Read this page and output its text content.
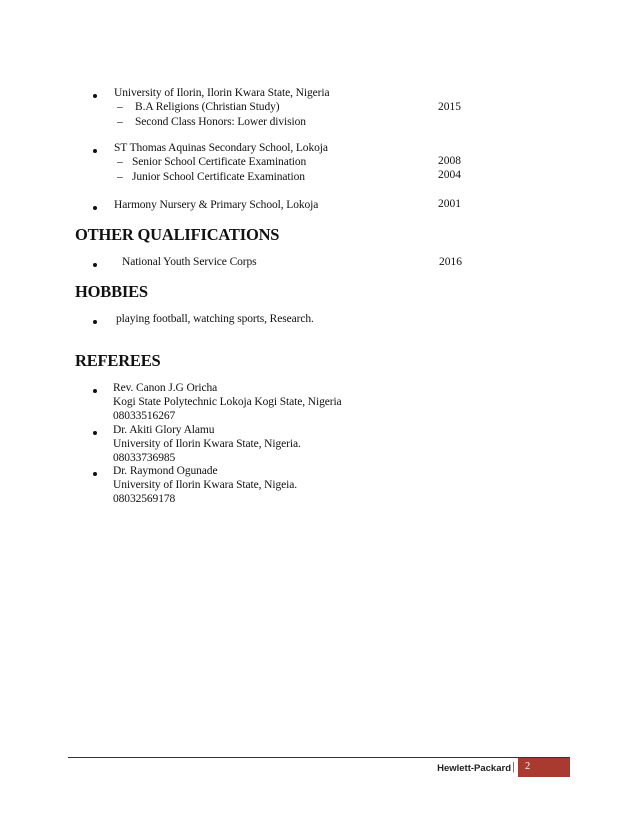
University of Ilorin, Ilorin Kwara State, Nigeria
– B.A Religions (Christian Study)	2015
– Second Class Honors: Lower division
ST Thomas Aquinas Secondary School, Lokoja
– Senior School Certificate Examination	2008
– Junior School Certificate Examination	2004
Harmony Nursery & Primary School, Lokoja	2001
OTHER QUALIFICATIONS
National Youth Service Corps	2016
HOBBIES
playing football, watching sports, Research.
REFEREES
Rev. Canon J.G Oricha
Kogi State Polytechnic Lokoja Kogi State, Nigeria
08033516267
Dr. Akiti Glory Alamu
University of Ilorin Kwara State, Nigeria.
08033736985
Dr. Raymond Ogunade
University of Ilorin Kwara State, Nigeia.
08032569178
Hewlett-Packard | 2
